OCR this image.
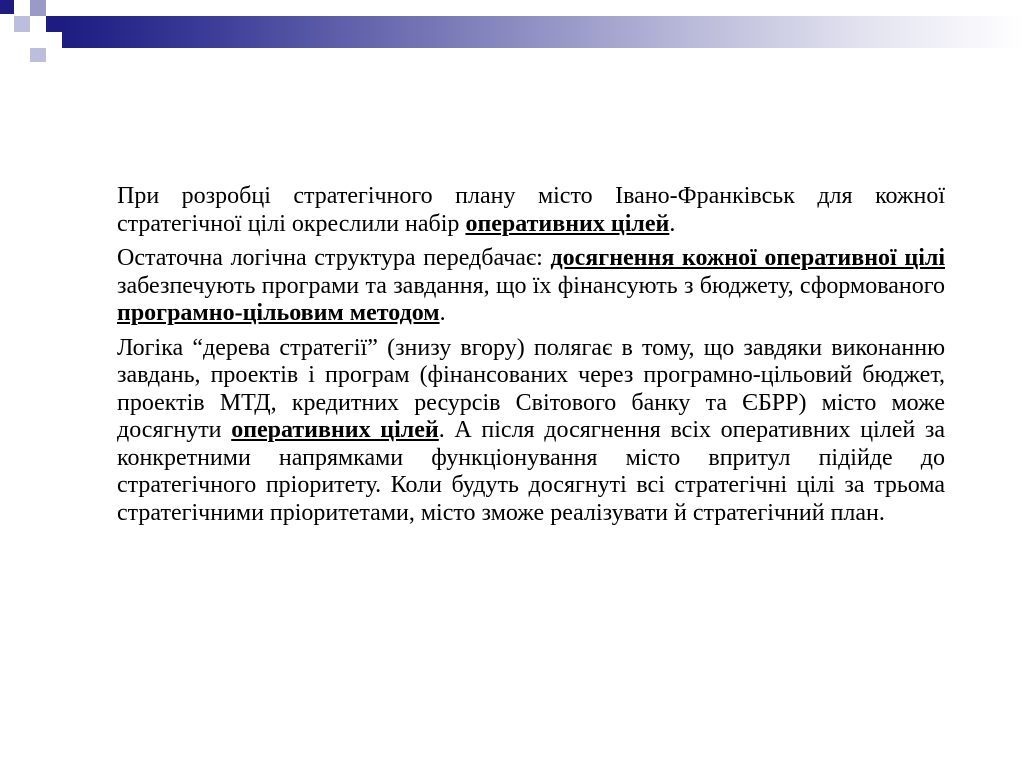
При розробці стратегічного плану місто Івано-Франківськ для кожної стратегічної цілі окреслили набір оперативних цілей.

Остаточна логічна структура передбачає: досягнення кожної оперативної цілі забезпечують програми та завдання, що їх фінансують з бюджету, сформованого програмно-цільовим методом.

Логіка “дерева стратегії” (знизу вгору) полягає в тому, що завдяки виконанню завдань, проектів і програм (фінансованих через програмно-цільовий бюджет, проектів МТД, кредитних ресурсів Світового банку та ЄБРР) місто може досягнути оперативних цілей. А після досягнення всіх оперативних цілей за конкретними напрямками функціонування місто впритул підійде до стратегічного пріоритету. Коли будуть досягнуті всі стратегічні цілі за трьома стратегічними пріоритетами, місто зможе реалізувати й стратегічний план.
